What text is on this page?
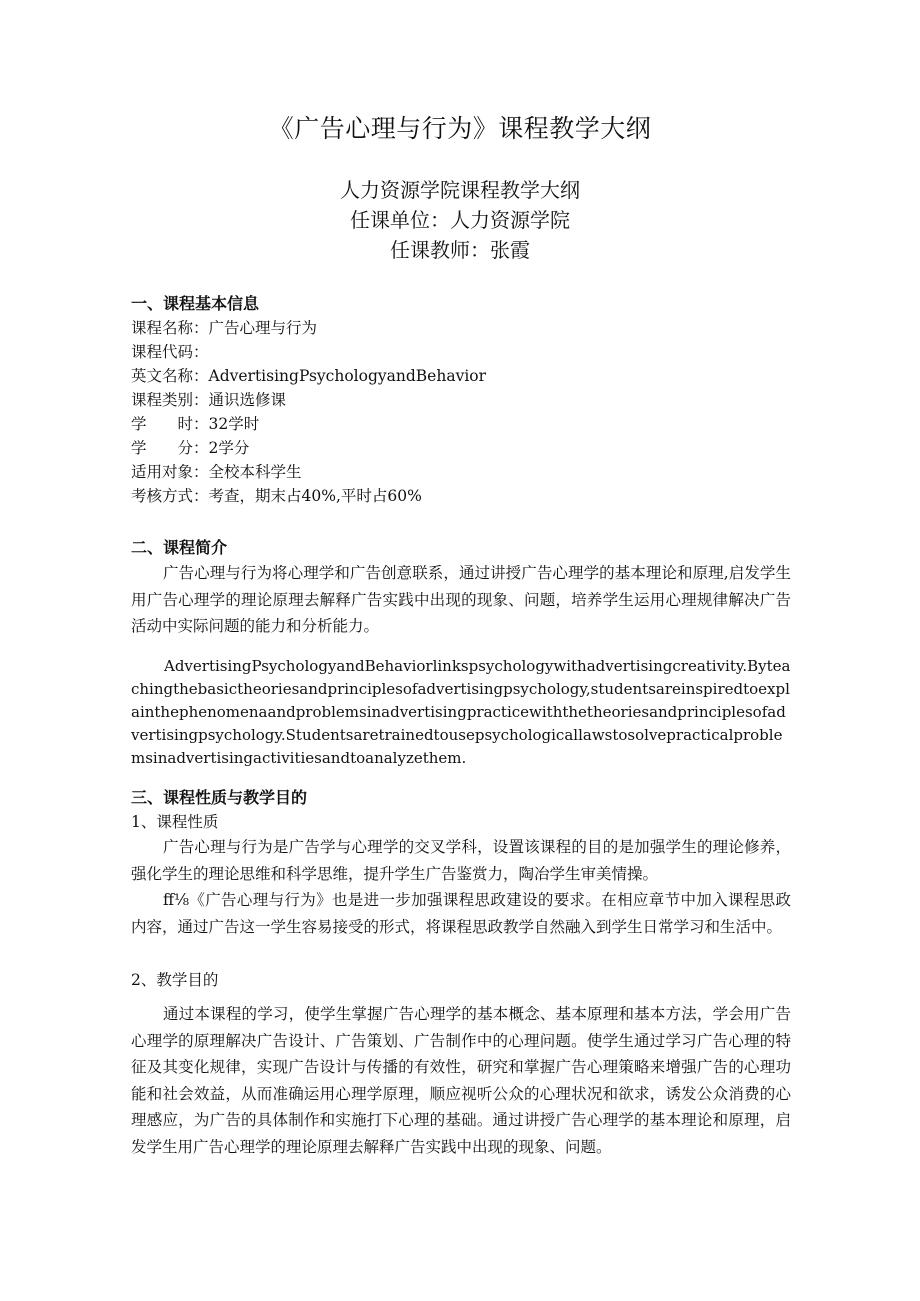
《广告心理与行为》课程教学大纲

人力资源学院课程教学大纲

任课单位：人力资源学院

任课教师：张霞

一、课程基本信息

课程名称：广告心理与行为

课程代码：

英文名称：AdvertisingPsychologyandBehavior

课程类别：通识选修课

学　　时：32学时

学　　分：2学分

适用对象：全校本科学生

考核方式：考查，期末占40%,平时占60%

二、课程简介

广告心理与行为将心理学和广告创意联系，通过讲授广告心理学的基本理论和原理,启发学生用广告心理学的理论原理去解释广告实践中出现的现象、问题，培养学生运用心理规律解决广告活动中实际问题的能力和分析能力。

AdvertisingPsychologyandBehaviorlinkspsychologywithadvertisingcreativity.Byteachingthebasictheoriesandprinciplesofadvertisingpsychology,studentsareinspiredtoexplainthephenomenaandproblemsinadvertisingpracticewiththetheoriesandprinciplesofadvertisingpsychology.Studentsaretrainedtousepsychologicallawstosolvepracticalproblemsinadvertisingactivitiesandtoanalyzethem.

三、课程性质与教学目的

1、课程性质

广告心理与行为是广告学与心理学的交叉学科，设置该课程的目的是加强学生的理论修养，强化学生的理论思维和科学思维，提升学生广告鉴赏力，陶冶学生审美情操。

ff⅛《广告心理与行为》也是进一步加强课程思政建设的要求。在相应章节中加入课程思政内容，通过广告这一学生容易接受的形式，将课程思政教学自然融入到学生日常学习和生活中。

2、教学目的

通过本课程的学习，使学生掌握广告心理学的基本概念、基本原理和基本方法，学会用广告心理学的原理解决广告设计、广告策划、广告制作中的心理问题。使学生通过学习广告心理的特征及其变化规律，实现广告设计与传播的有效性，研究和掌握广告心理策略来增强广告的心理功能和社会效益，从而准确运用心理学原理，顺应视听公众的心理状况和欲求，诱发公众消费的心理感应，为广告的具体制作和实施打下心理的基础。通过讲授广告心理学的基本理论和原理，启发学生用广告心理学的理论原理去解释广告实践中出现的现象、问题。
